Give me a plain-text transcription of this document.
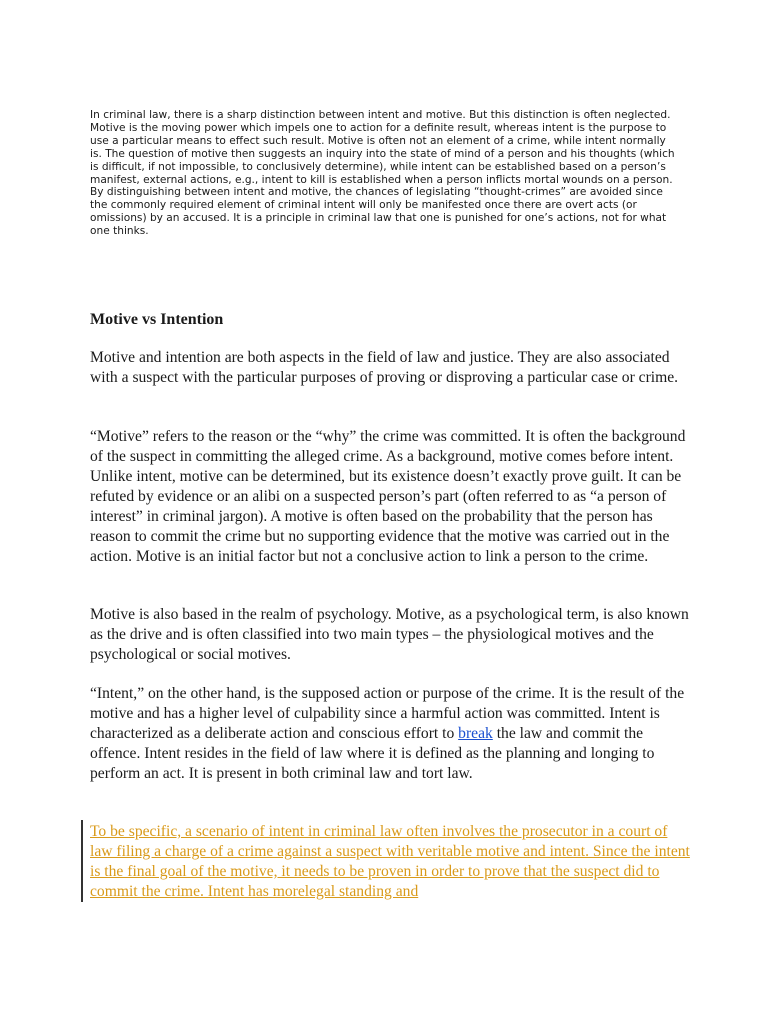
In criminal law, there is a sharp distinction between intent and motive. But this distinction is often neglected. Motive is the moving power which impels one to action for a definite result, whereas intent is the purpose to use a particular means to effect such result. Motive is often not an element of a crime, while intent normally is. The question of motive then suggests an inquiry into the state of mind of a person and his thoughts (which is difficult, if not impossible, to conclusively determine), while intent can be established based on a person’s manifest, external actions, e.g., intent to kill is established when a person inflicts mortal wounds on a person. By distinguishing between intent and motive, the chances of legislating “thought-crimes” are avoided since the commonly required element of criminal intent will only be manifested once there are overt acts (or omissions) by an accused. It is a principle in criminal law that one is punished for one’s actions, not for what one thinks.

Motive vs Intention

Motive and intention are both aspects in the field of law and justice. They are also associated with a suspect with the particular purposes of proving or disproving a particular case or crime.

“Motive” refers to the reason or the “why” the crime was committed. It is often the background of the suspect in committing the alleged crime. As a background, motive comes before intent. Unlike intent, motive can be determined, but its existence doesn’t exactly prove guilt. It can be refuted by evidence or an alibi on a suspected person’s part (often referred to as “a person of interest” in criminal jargon). A motive is often based on the probability that the person has reason to commit the crime but no supporting evidence that the motive was carried out in the action. Motive is an initial factor but not a conclusive action to link a person to the crime.

Motive is also based in the realm of psychology. Motive, as a psychological term, is also known as the drive and is often classified into two main types – the physiological motives and the psychological or social motives.

“Intent,” on the other hand, is the supposed action or purpose of the crime. It is the result of the motive and has a higher level of culpability since a harmful action was committed. Intent is characterized as a deliberate action and conscious effort to break the law and commit the offence. Intent resides in the field of law where it is defined as the planning and longing to perform an act. It is present in both criminal law and tort law.

To be specific, a scenario of intent in criminal law often involves the prosecutor in a court of law filing a charge of a crime against a suspect with veritable motive and intent. Since the intent is the final goal of the motive, it needs to be proven in order to prove that the suspect did to commit the crime. Intent has morelegal standing and
